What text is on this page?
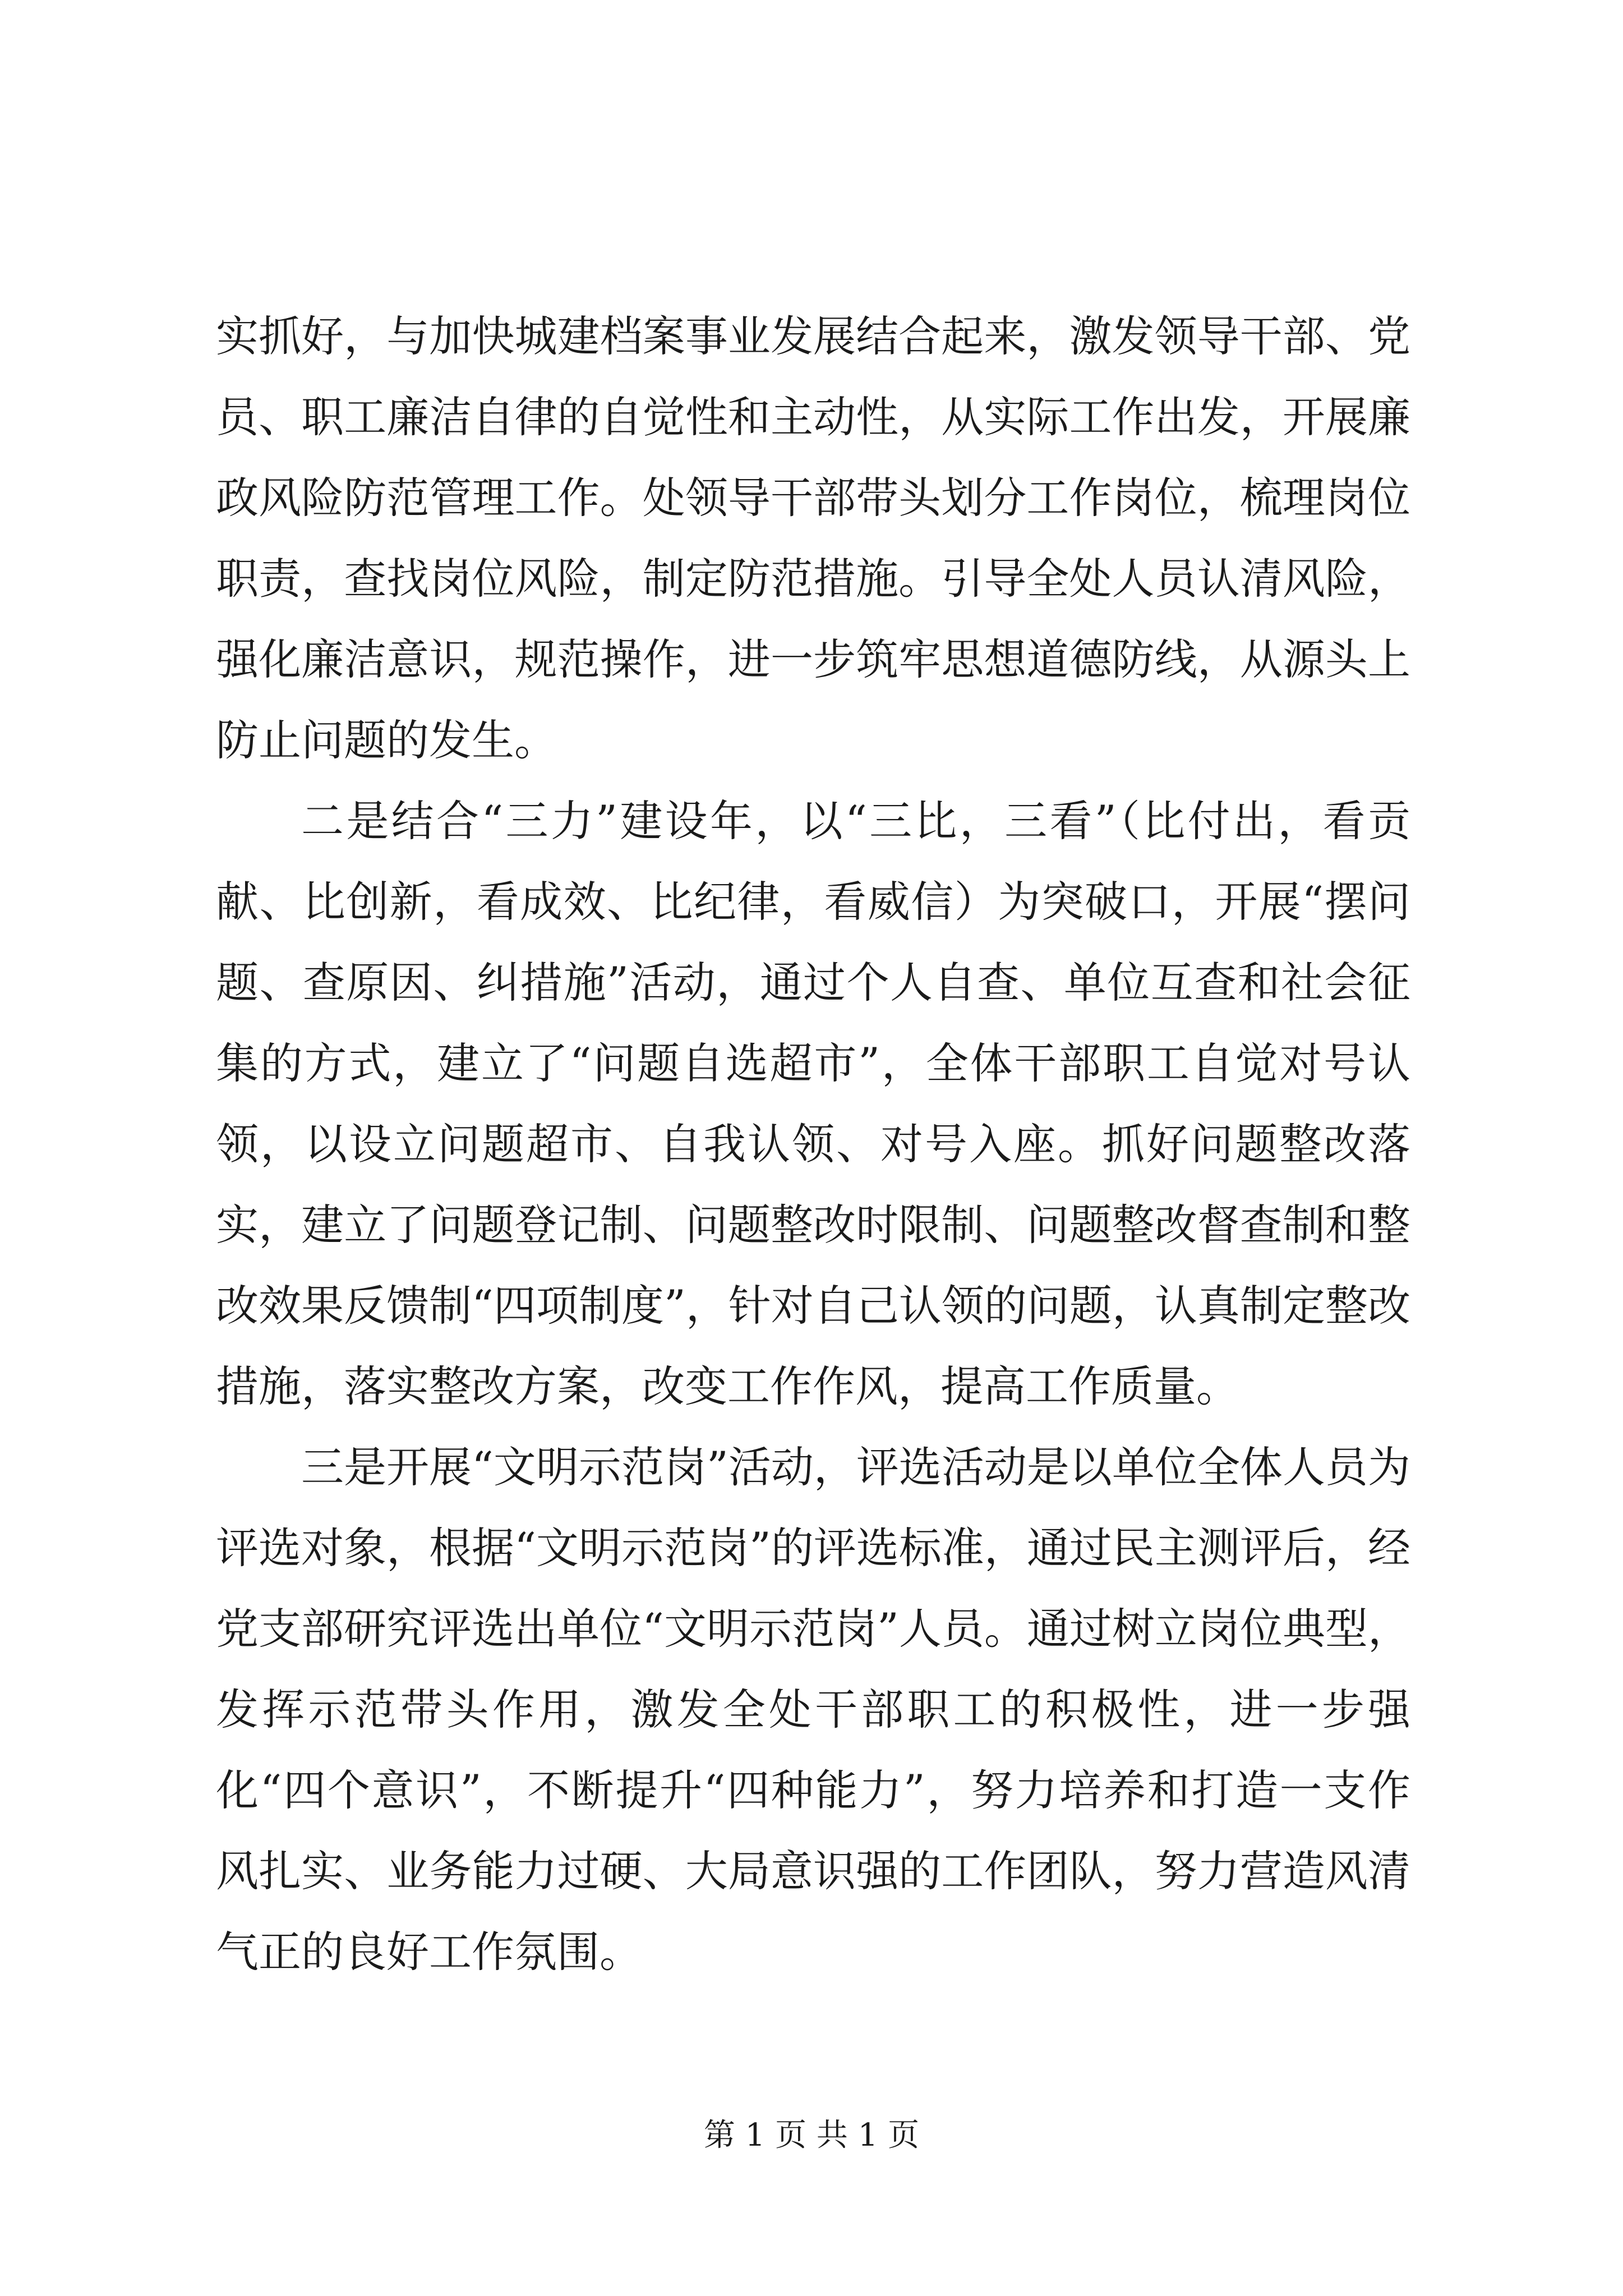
实抓好，与加快城建档案事业发展结合起来，激发领导干部、党员、职工廉洁自律的自觉性和主动性，从实际工作出发，开展廉政风险防范管理工作。处领导干部带头划分工作岗位，梳理岗位职责，查找岗位风险，制定防范措施。引导全处人员认清风险，强化廉洁意识，规范操作，进一步筑牢思想道德防线，从源头上防止问题的发生。

二是结合“三力”建设年，以“三比，三看”（比付出，看贡献、比创新，看成效、比纪律，看威信）为突破口，开展“摆问题、查原因、纠措施”活动，通过个人自查、单位互查和社会征集的方式，建立了“问题自选超市”，全体干部职工自觉对号认领，以设立问题超市、自我认领、对号入座。抓好问题整改落实，建立了问题登记制、问题整改时限制、问题整改督查制和整改效果反馈制“四项制度”，针对自己认领的问题，认真制定整改措施，落实整改方案，改变工作作风，提高工作质量。

三是开展“文明示范岗”活动，评选活动是以单位全体人员为评选对象，根据“文明示范岗”的评选标准，通过民主测评后，经党支部研究评选出单位“文明示范岗”人员。通过树立岗位典型，发挥示范带头作用，激发全处干部职工的积极性，进一步强化“四个意识”，不断提升“四种能力”，努力培养和打造一支作风扎实、业务能力过硬、大局意识强的工作团队，努力营造风清气正的良好工作氛围。

第 1 页 共 1 页
